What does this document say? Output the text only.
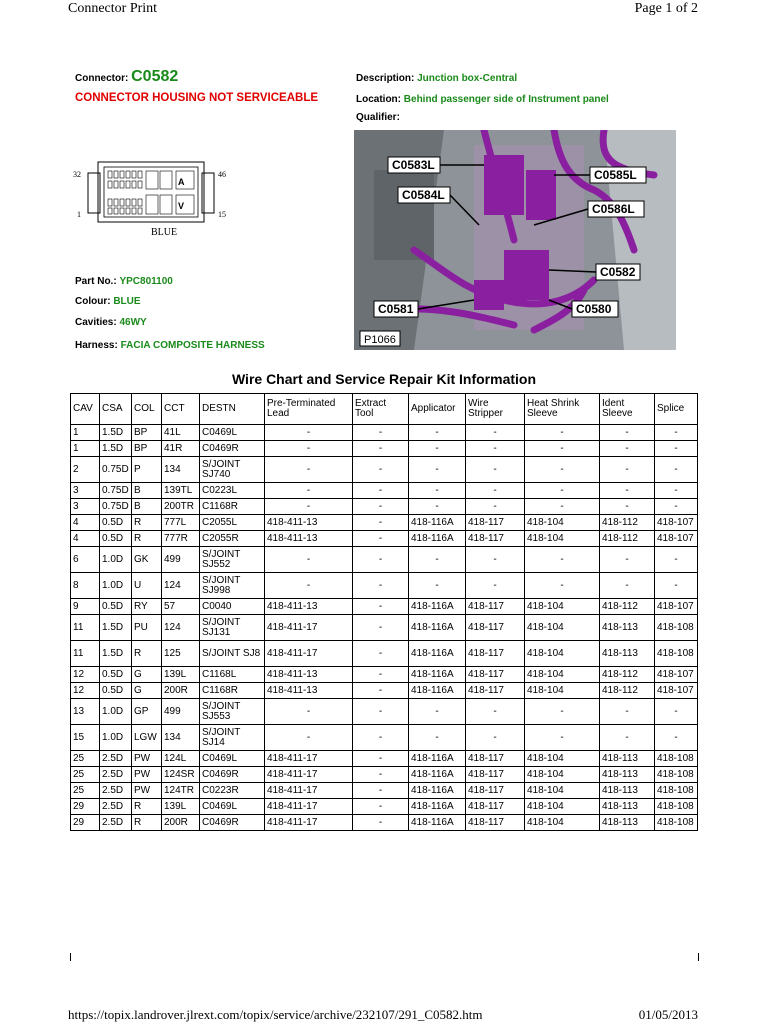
Connector Print	Page 1 of 2
Connector: C0582
CONNECTOR HOUSING NOT SERVICEABLE
Description: Junction box-Central
Location: Behind passenger side of Instrument panel
Qualifier:
32	46
1	15
A
V
BLUE
Part No.: YPC801100
Colour: BLUE
Cavities: 46WY
Harness: FACIA COMPOSITE HARNESS
C0583L
C0585L
C0584L
C0586L
C0582
C0581	C0580
P1066
Wire Chart and Service Repair Kit Information
CAV	CSA	COL	CCT	DESTN	Pre-Terminated Lead	Extract Tool	Applicator	Wire Stripper	Heat Shrink Sleeve	Ident Sleeve	Splice
1	1.5D	BP	41L	C0469L	-	-	-	-	-	-	-
1	1.5D	BP	41R	C0469R	-	-	-	-	-	-	-
2	0.75D	P	134	S/JOINT SJ740	-	-	-	-	-	-	-
3	0.75D	B	139TL	C0223L	-	-	-	-	-	-	-
3	0.75D	B	200TR	C1168R	-	-	-	-	-	-	-
4	0.5D	R	777L	C2055L	418-411-13	-	418-116A	418-117	418-104	418-112	418-107
4	0.5D	R	777R	C2055R	418-411-13	-	418-116A	418-117	418-104	418-112	418-107
6	1.0D	GK	499	S/JOINT SJ552	-	-	-	-	-	-	-
8	1.0D	U	124	S/JOINT SJ998	-	-	-	-	-	-	-
9	0.5D	RY	57	C0040	418-411-13	-	418-116A	418-117	418-104	418-112	418-107
11	1.5D	PU	124	S/JOINT SJ131	418-411-17	-	418-116A	418-117	418-104	418-113	418-108
11	1.5D	R	125	S/JOINT SJ8	418-411-17	-	418-116A	418-117	418-104	418-113	418-108
12	0.5D	G	139L	C1168L	418-411-13	-	418-116A	418-117	418-104	418-112	418-107
12	0.5D	G	200R	C1168R	418-411-13	-	418-116A	418-117	418-104	418-112	418-107
13	1.0D	GP	499	S/JOINT SJ553	-	-	-	-	-	-	-
15	1.0D	LGW	134	S/JOINT SJ14	-	-	-	-	-	-	-
25	2.5D	PW	124L	C0469L	418-411-17	-	418-116A	418-117	418-104	418-113	418-108
25	2.5D	PW	124SR	C0469R	418-411-17	-	418-116A	418-117	418-104	418-113	418-108
25	2.5D	PW	124TR	C0223R	418-411-17	-	418-116A	418-117	418-104	418-113	418-108
29	2.5D	R	139L	C0469L	418-411-17	-	418-116A	418-117	418-104	418-113	418-108
29	2.5D	R	200R	C0469R	418-411-17	-	418-116A	418-117	418-104	418-113	418-108
https://topix.landrover.jlrext.com/topix/service/archive/232107/291_C0582.htm	01/05/2013
